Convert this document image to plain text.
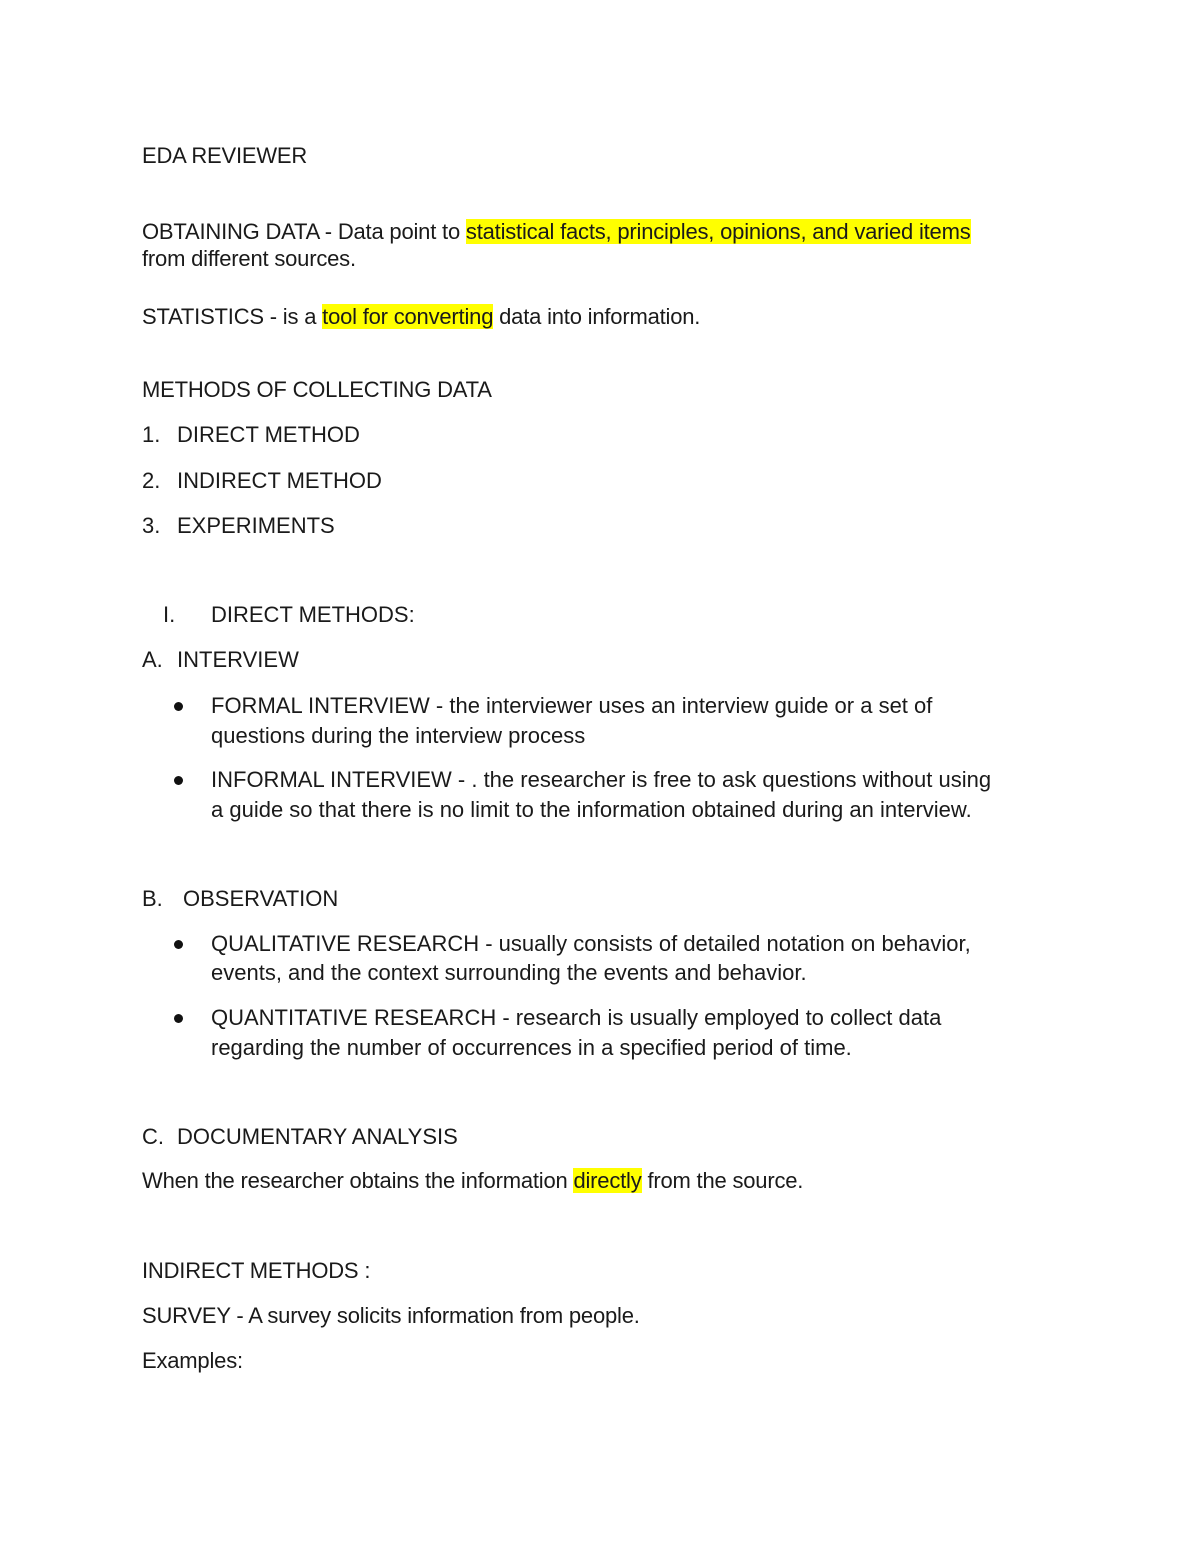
EDA REVIEWER
OBTAINING DATA - Data point to statistical facts, principles, opinions, and varied items
from different sources.
STATISTICS - is a tool for converting data into information.
METHODS OF COLLECTING DATA
1. DIRECT METHOD
2. INDIRECT METHOD
3. EXPERIMENTS
I. DIRECT METHODS:
A. INTERVIEW
FORMAL INTERVIEW - the interviewer uses an interview guide or a set of
questions during the interview process
INFORMAL INTERVIEW - . the researcher is free to ask questions without using
a guide so that there is no limit to the information obtained during an interview.
B. OBSERVATION
QUALITATIVE RESEARCH - usually consists of detailed notation on behavior,
events, and the context surrounding the events and behavior.
QUANTITATIVE RESEARCH - research is usually employed to collect data
regarding the number of occurrences in a specified period of time.
C. DOCUMENTARY ANALYSIS
When the researcher obtains the information directly from the source.
INDIRECT METHODS :
SURVEY - A survey solicits information from people.
Examples:
